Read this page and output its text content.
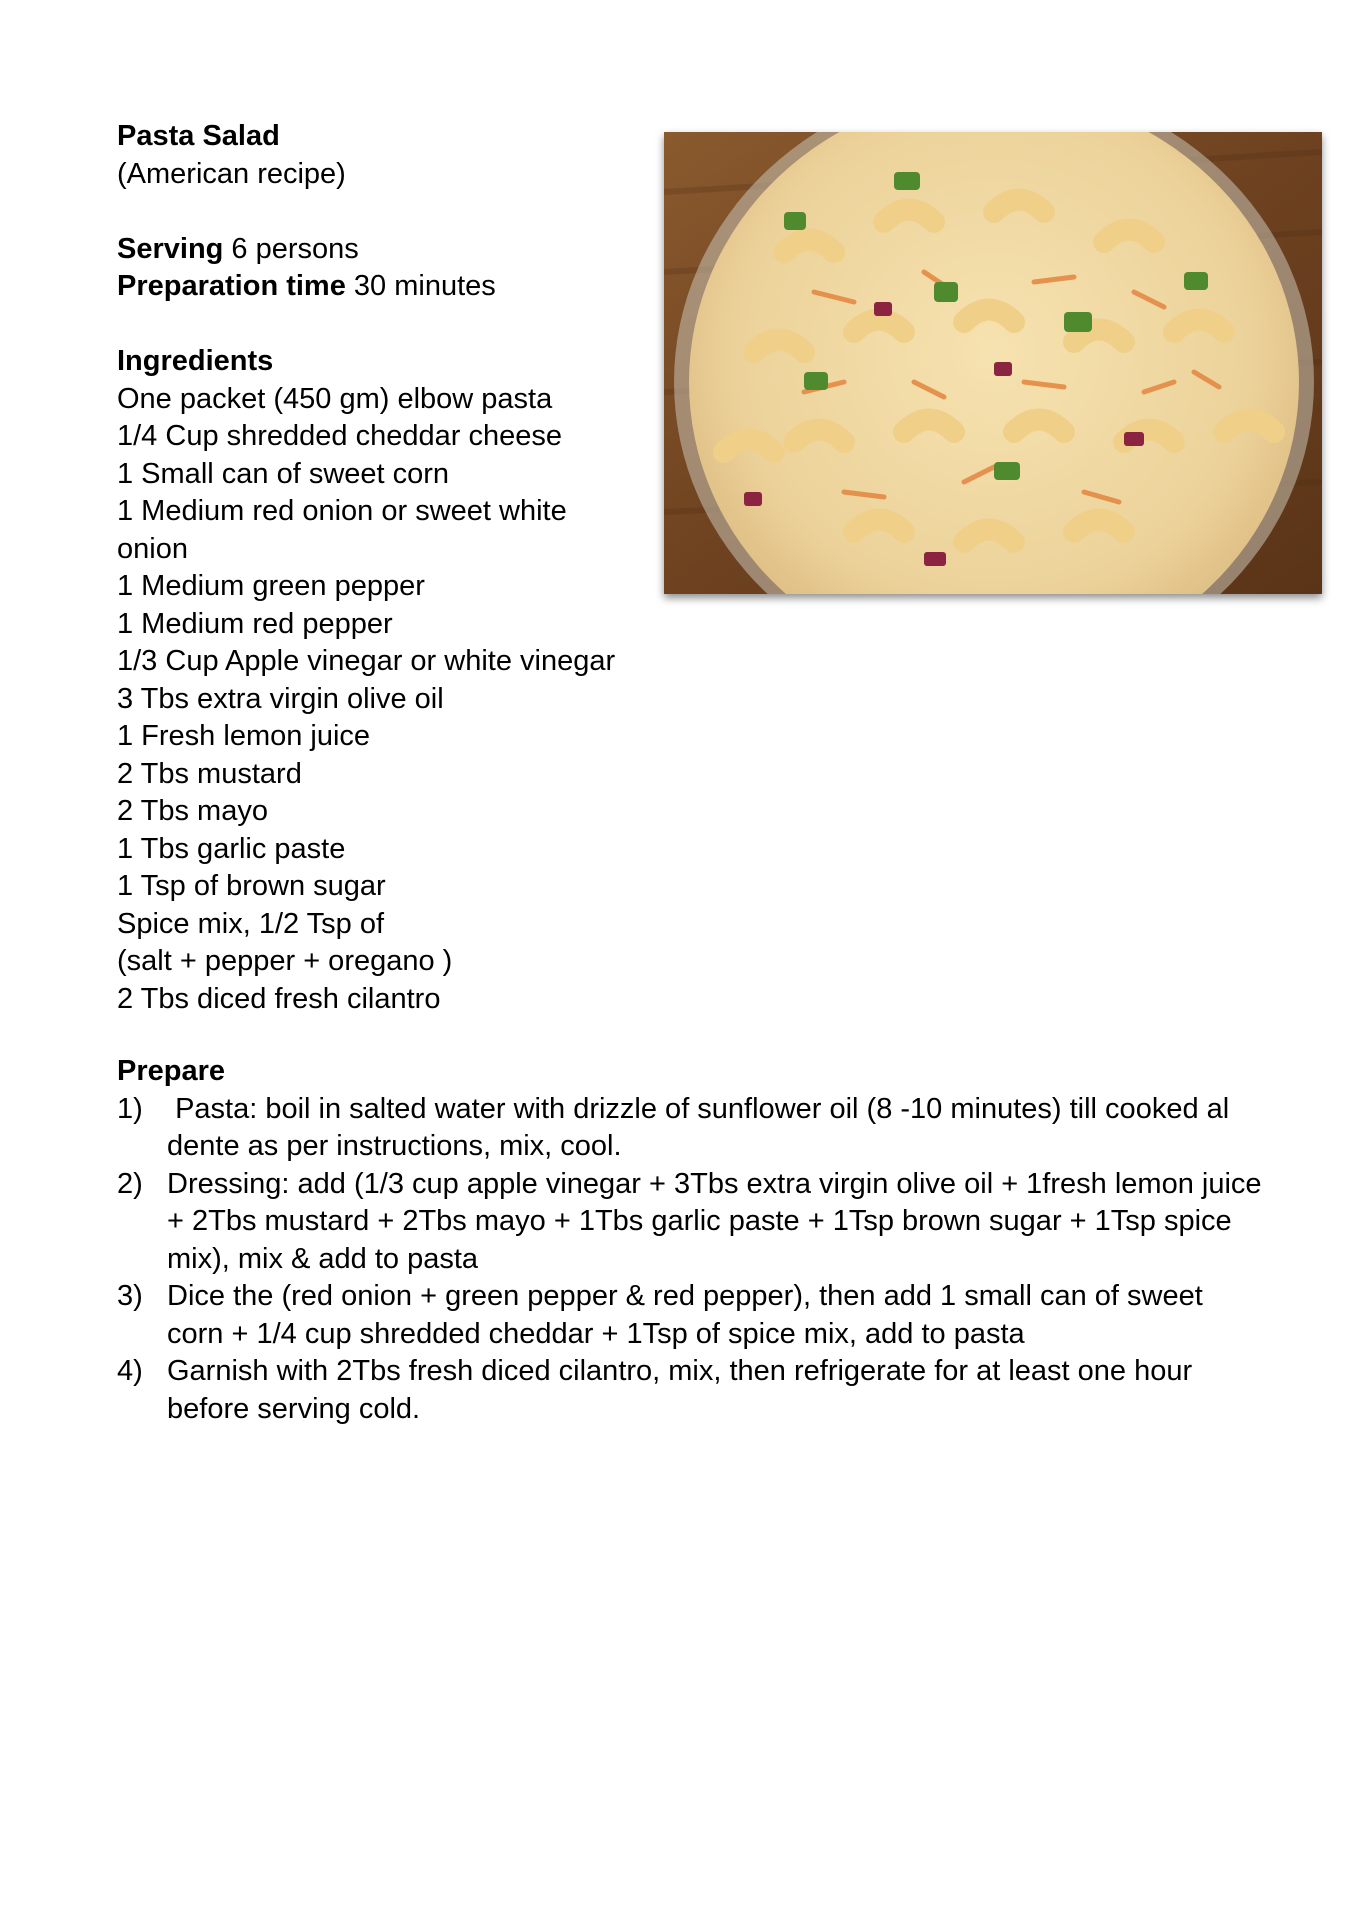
Pasta Salad
(American recipe)
Serving 6 persons
Preparation time 30 minutes
Ingredients
One packet (450 gm) elbow pasta
1/4 Cup shredded cheddar cheese
1 Small can of sweet corn
1 Medium red onion or sweet white onion
1 Medium green pepper
1 Medium red pepper
1/3 Cup Apple vinegar or white vinegar
3 Tbs extra virgin olive oil
1 Fresh lemon juice
2 Tbs mustard
2 Tbs mayo
1 Tbs garlic paste
1 Tsp of brown sugar
Spice mix, 1/2 Tsp of
(salt + pepper + oregano )
2 Tbs diced fresh cilantro
Prepare
1) Pasta: boil in salted water with drizzle of sunflower oil (8 -10 minutes) till cooked al dente as per instructions, mix, cool.
2) Dressing: add (1/3 cup apple vinegar + 3Tbs extra virgin olive oil + 1fresh lemon juice + 2Tbs mustard + 2Tbs mayo + 1Tbs garlic paste + 1Tsp brown sugar + 1Tsp spice mix), mix & add to pasta
3) Dice the (red onion + green pepper & red pepper), then add 1 small can of sweet corn + 1/4 cup shredded cheddar + 1Tsp of spice mix, add to pasta
4) Garnish with 2Tbs fresh diced cilantro, mix, then refrigerate for at least one hour before serving cold.
